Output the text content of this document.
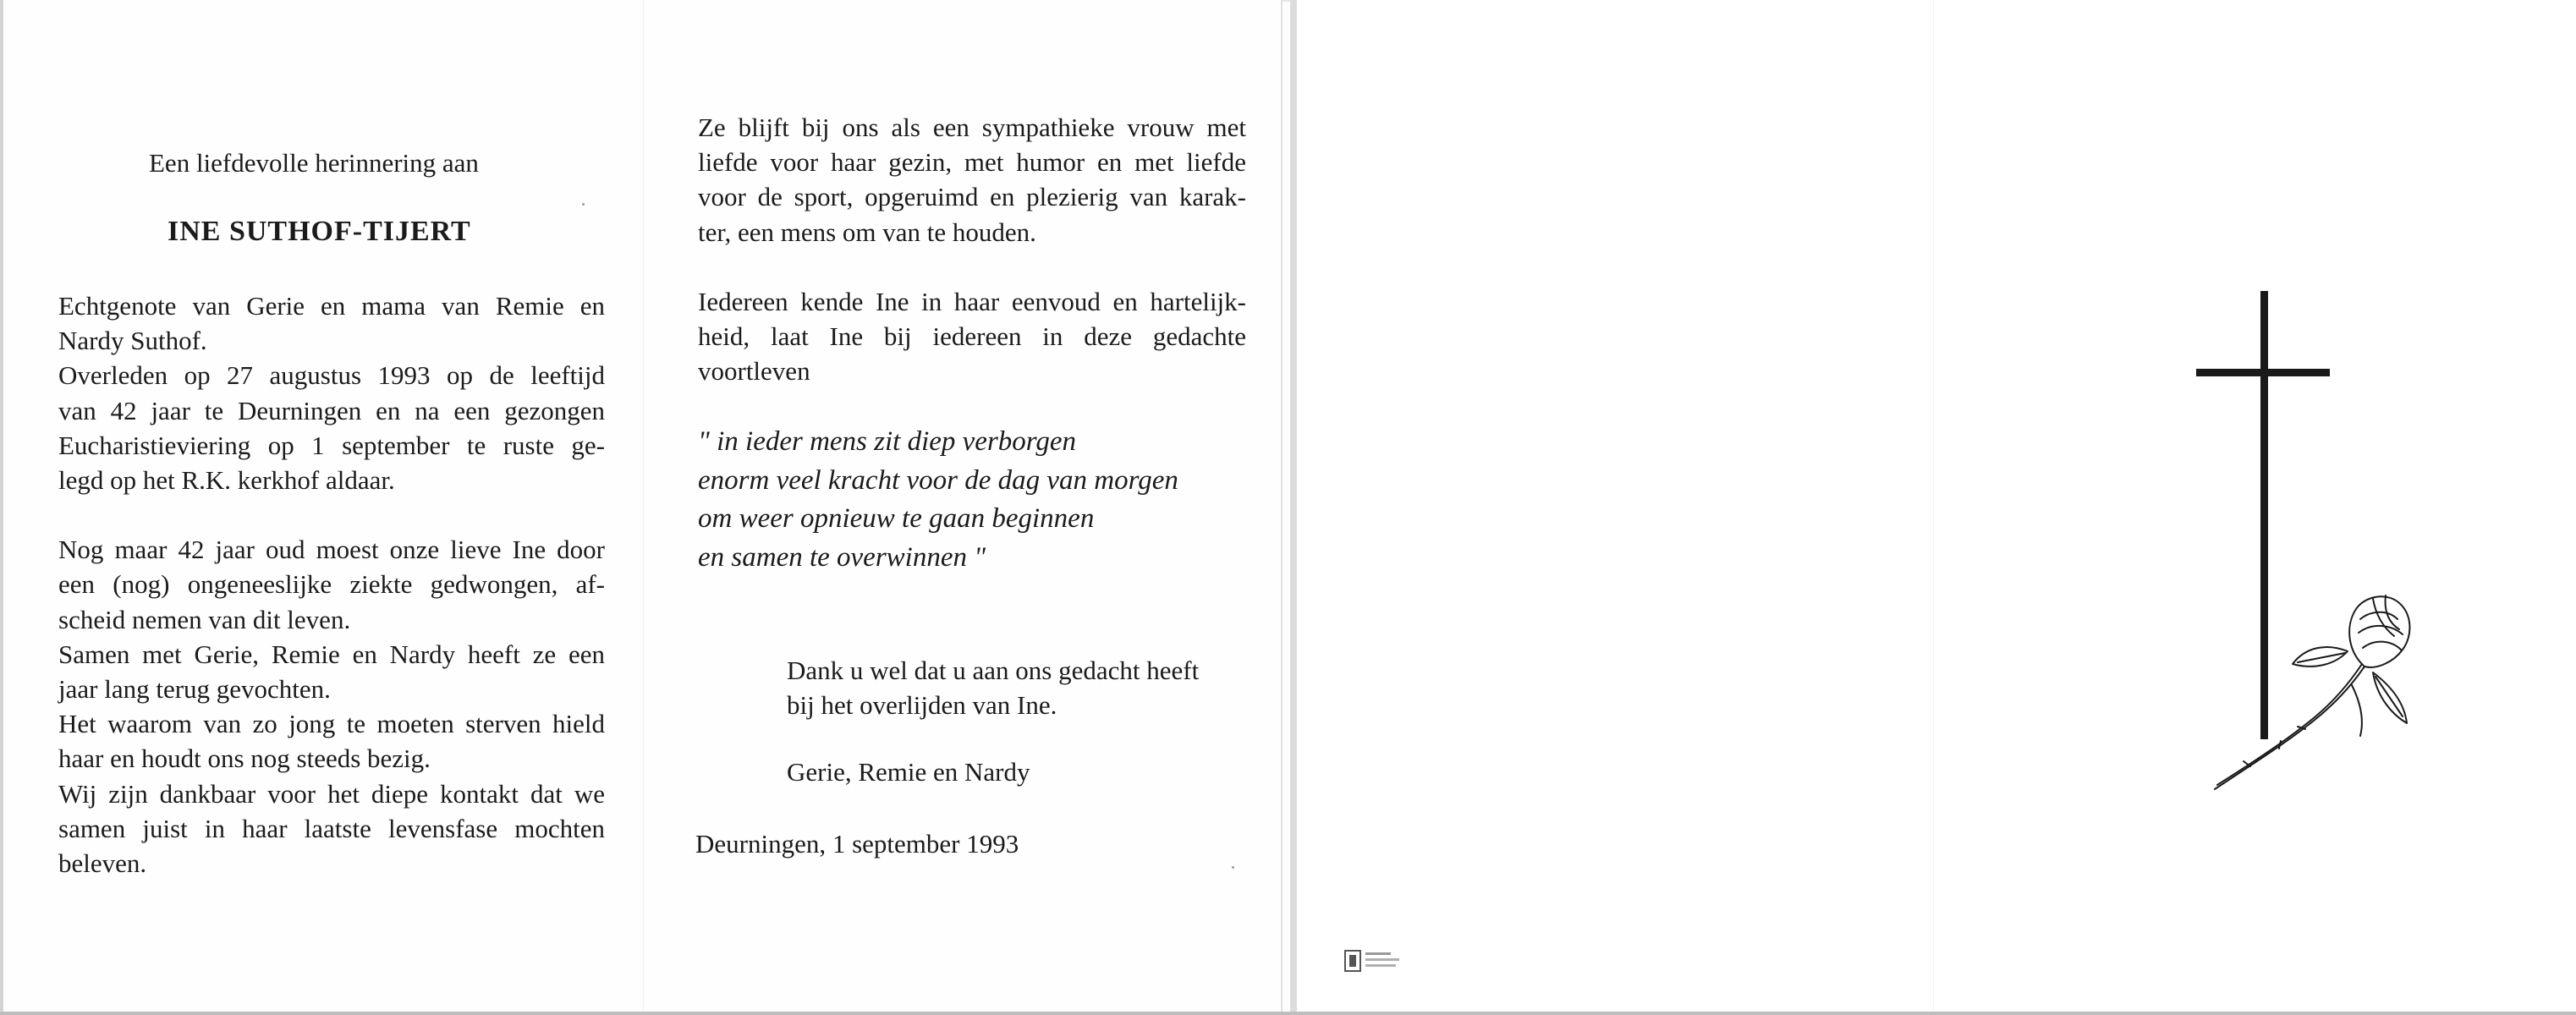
Een liefdevolle herinnering aan
INE SUTHOF-TIJERT
Echtgenote van Gerie en mama van Remie en
Nardy Suthof.
Overleden op 27 augustus 1993 op de leeftijd
van 42 jaar te Deurningen en na een gezongen
Eucharistieviering op 1 september te ruste ge-
legd op het R.K. kerkhof aldaar.
Nog maar 42 jaar oud moest onze lieve Ine door
een (nog) ongeneeslijke ziekte gedwongen, af-
scheid nemen van dit leven.
Samen met Gerie, Remie en Nardy heeft ze een
jaar lang terug gevochten.
Het waarom van zo jong te moeten sterven hield
haar en houdt ons nog steeds bezig.
Wij zijn dankbaar voor het diepe kontakt dat we
samen juist in haar laatste levensfase mochten
beleven.
Ze blijft bij ons als een sympathieke vrouw met
liefde voor haar gezin, met humor en met liefde
voor de sport, opgeruimd en plezierig van karak-
ter, een mens om van te houden.
Iedereen kende Ine in haar eenvoud en hartelijk-
heid, laat Ine bij iedereen in deze gedachte
voortleven
" in ieder mens zit diep verborgen
enorm veel kracht voor de dag van morgen
om weer opnieuw te gaan beginnen
en samen te overwinnen "
Dank u wel dat u aan ons gedacht heeft
bij het overlijden van Ine.
Gerie, Remie en Nardy
Deurningen, 1 september 1993
